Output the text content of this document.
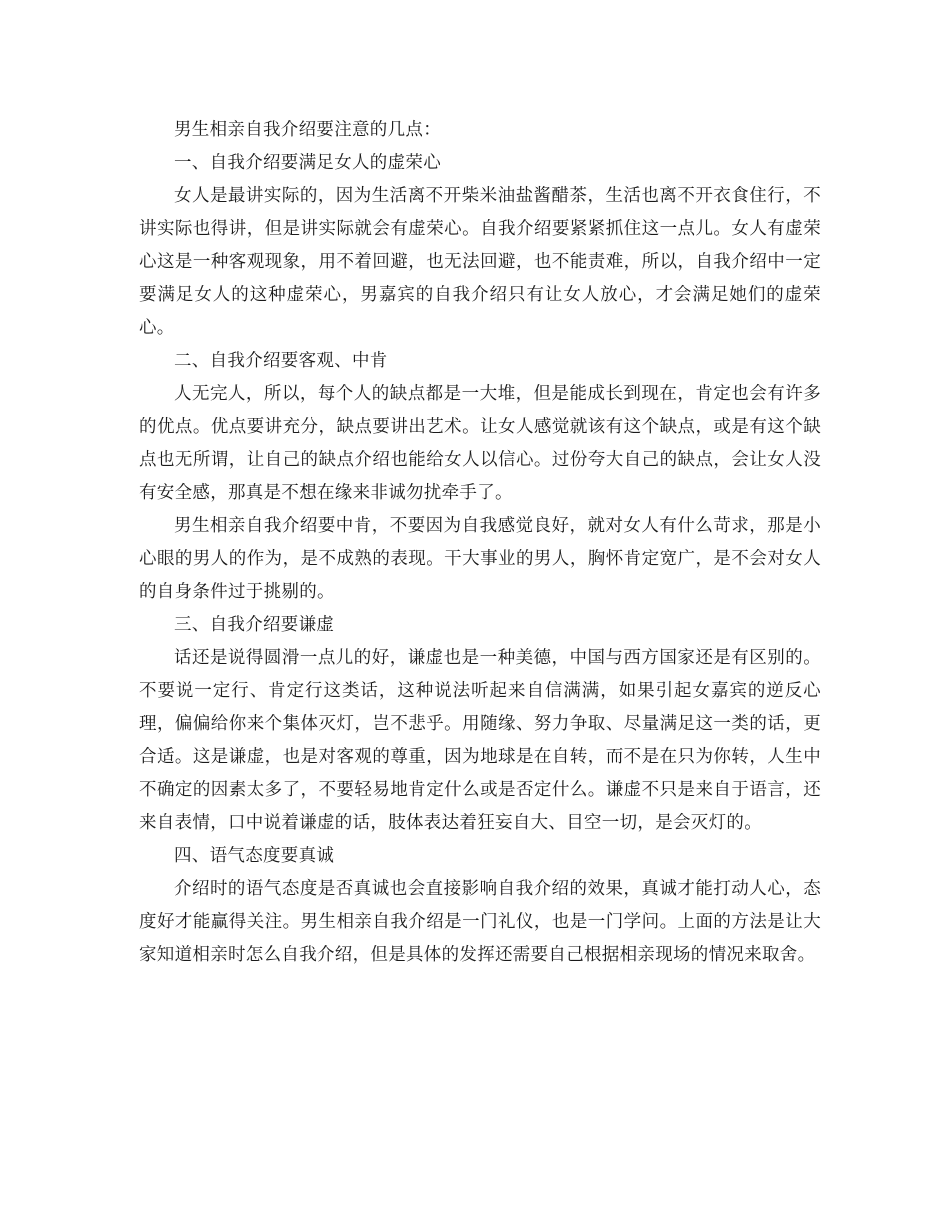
男生相亲自我介绍要注意的几点：

一、自我介绍要满足女人的虚荣心

女人是最讲实际的，因为生活离不开柴米油盐酱醋茶，生活也离不开衣食住行，不讲实际也得讲，但是讲实际就会有虚荣心。自我介绍要紧紧抓住这一点儿。女人有虚荣心这是一种客观现象，用不着回避，也无法回避，也不能责难，所以，自我介绍中一定要满足女人的这种虚荣心，男嘉宾的自我介绍只有让女人放心，才会满足她们的虚荣心。

二、自我介绍要客观、中肯

人无完人，所以，每个人的缺点都是一大堆，但是能成长到现在，肯定也会有许多的优点。优点要讲充分，缺点要讲出艺术。让女人感觉就该有这个缺点，或是有这个缺点也无所谓，让自己的缺点介绍也能给女人以信心。过份夸大自己的缺点，会让女人没有安全感，那真是不想在缘来非诚勿扰牵手了。

男生相亲自我介绍要中肯，不要因为自我感觉良好，就对女人有什么苛求，那是小心眼的男人的作为，是不成熟的表现。干大事业的男人，胸怀肯定宽广，是不会对女人的自身条件过于挑剔的。

三、自我介绍要谦虚

话还是说得圆滑一点儿的好，谦虚也是一种美德，中国与西方国家还是有区别的。不要说一定行、肯定行这类话，这种说法听起来自信满满，如果引起女嘉宾的逆反心理，偏偏给你来个集体灭灯，岂不悲乎。用随缘、努力争取、尽量满足这一类的话，更合适。这是谦虚，也是对客观的尊重，因为地球是在自转，而不是在只为你转，人生中不确定的因素太多了，不要轻易地肯定什么或是否定什么。谦虚不只是来自于语言，还来自表情，口中说着谦虚的话，肢体表达着狂妄自大、目空一切，是会灭灯的。

四、语气态度要真诚

介绍时的语气态度是否真诚也会直接影响自我介绍的效果，真诚才能打动人心，态度好才能赢得关注。男生相亲自我介绍是一门礼仪，也是一门学问。上面的方法是让大家知道相亲时怎么自我介绍，但是具体的发挥还需要自己根据相亲现场的情况来取舍。
